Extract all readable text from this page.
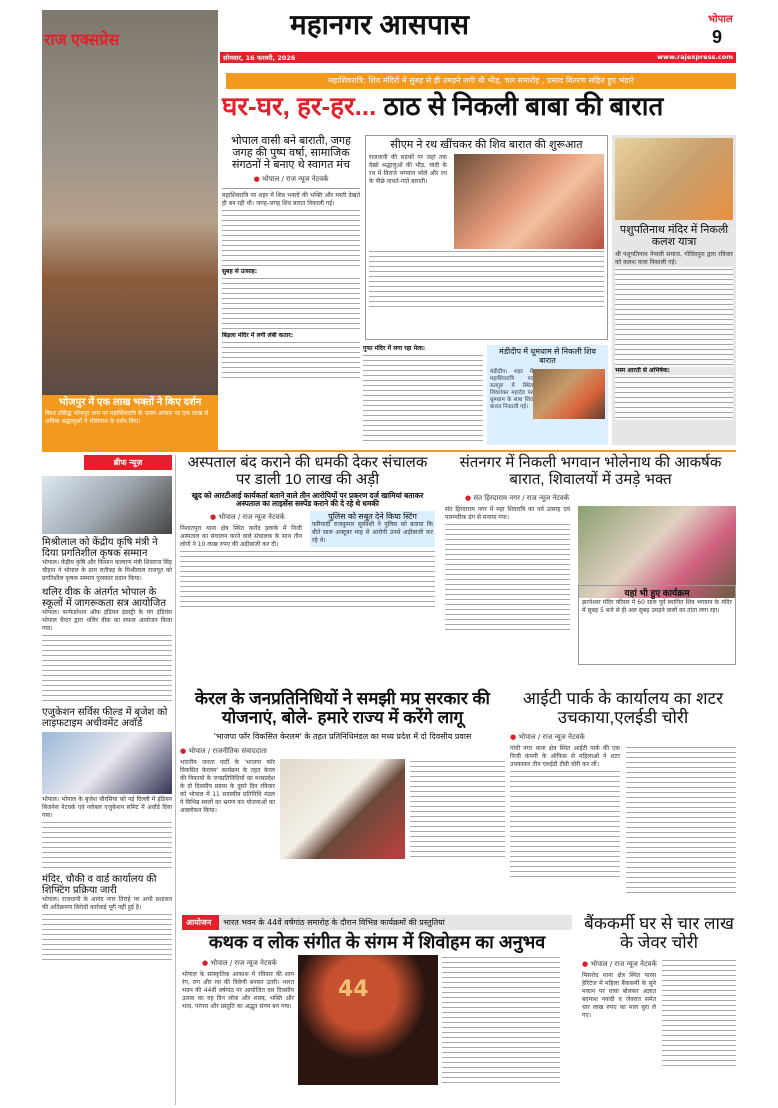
राज एक्सप्रेस
भोजपुर में एक लाख भक्तों ने किए दर्शन
विश्व प्रसिद्ध भोजपुर धाम पर महाशिवरात्रि के पावन अवसर पर एक लाख से अधिक श्रद्धालुओं ने भोलेनाथ के दर्शन किए।
महानगर आसपास	भोपाल
9
सोमवार, 16 फरवरी, 2026	www.rajexpress.com
महाशिवरात्रि: शिव मंदिरों में सुबह से ही उमड़ने लगी थी भीड़, चल समारोह , प्रसाद वितरण सहित हुए भंडारे
घर-घर, हर-हर... ठाठ से निकली बाबा की बारात
भोपाल वासी बने बाराती, जगह जगह की पुष्प वर्षा, सामाजिक संगठनों ने बनाए थे स्वागत मंच
● भोपाल / राज न्यूज नेटवर्क
महाशिवरात्रि पर शहर में शिव भक्तों की भक्ति और मस्ती देखते ही बन रही थी। जगह-जगह शिव बारात निकाली गई।
सुबह से उत्साह:
बिड़ला मंदिर में लगी लंबी कतार:
सीएम ने रथ खींचकर की शिव बारात की शुरूआत
राजधानी की सड़कों पर जहां तक देखो श्रद्धालुओं की भीड़, चांदी के रथ में विराजे भगवान भोले और रथ के पीछे नाचते-गाते बाराती।
गुफा मंदिर में लगा रहा मेला:	मंडीदीप में धूमधाम से निकली शिव बारात
मंडीदीप। शहर में महाशिवरात्रि पर सतगुरु में स्थित शिवशंकर महादेव पर धूमधाम के साथ शिव बारात निकाली गई।
पशुपतिनाथ मंदिर में निकली कलश यात्रा
श्री पशुपतिनाथ नेपाली समाज, गोविंदपुरा द्वारा रविवार को कलश यात्रा निकाली गई।
भस्म आरती से अभिषेक:
ब्रीफ न्यूज़
मिश्रीलाल को केंद्रीय कृषि मंत्री ने दिया प्रगतिशील कृषक सम्मान
भोपाल। केंद्रीय कृषि और किसान कल्याण मंत्री शिवराज सिंह चौहान ने भोपाल के ग्राम रातीबड़ के मिश्रीलाल राजपूत को प्रगतिशील कृषक सम्मान पुरस्कार प्रदान किया।
थलिर वीक के अंतर्गत भोपाल के स्कूलों में जागरूकता सत्र आयोजित
भोपाल। कन्फेडरेशन ऑफ इंडियन इंडस्ट्री के यंग इंडियंस भोपाल चैप्टर द्वारा थलिर वीक का सफल आयोजन किया गया।
एजुकेशन सर्विस फील्ड में बृजेश को लाइफटाइम अचीवमेंट अवॉर्ड
भोपाल। भोपाल के बृजेश चौरसिया को नई दिल्ली में इंडियन बिजनेस नेटवर्क एवं ग्लोबल एजुकेशन समिट में अवॉर्ड दिया गया।
मंदिर, चौकी व वार्ड कार्यालय की शिफ्टिंग प्रक्रिया जारी
भोपाल। राजधानी के आनंद नगर तिराहे पर अभी प्रशासन की अतिक्रमण विरोधी कार्रवाई पूरी नहीं हुई है।
अस्पताल बंद कराने की धमकी देकर संचालक पर डाली 10 लाख की अड़ी
खुद को आरटीआई कार्यकर्ता बताने वाले तीन आरोपियों पर प्रकरण दर्ज खामियां बताकर अस्पताल का लाइसेंस सस्पेंड कराने की दे रहे थे धमकी
● भोपाल / राज न्यूज नेटवर्क
निशातपुरा थाना क्षेत्र स्थित करोंद इलाके में निजी अस्पताल का संचालन करने वाले संचालक के साथ तीन लोगों ने 10 लाख रुपए की अड़ीबाजी कर दी।
पुलिस को सबूत देने किया स्टिंग
फरियादी राजकुमार सूर्यवंशी ने पुलिस को बताया कि बीते साल अक्टूबर माह से आरोपी उनसे अड़ीबाजी कर रहे थे।
संतनगर में निकली भगवान भोलेनाथ की आकर्षक बारात, शिवालयों में उमड़े भक्त
● संत हिरदाराम नगर / राज न्यूज नेटवर्क
संत हिरदाराम नगर में महा शिवरात्रि का पर्व उत्साह एवं पारम्परिक ढंग से मनाया गया।
यहां भी हुए कार्यक्रम
झरनेश्वर मंदिर परिसर में 60 साल पूर्व स्थापित शिव भगवान के मंदिर में सुबह 5 बजे से ही अल सुबह उमड़ने वालों का तांता लगा रहा।
केरल के जनप्रतिनिधियों ने समझी मप्र सरकार की योजनाएं, बोले- हमारे राज्य में करेंगे लागू
'भाजपा फॉर विकसित केरलम' के तहत प्रतिनिधिमंडल का मध्य प्रदेश में दो दिवसीय प्रवास
● भोपाल / राजनीतिक संवाददाता
भारतीय जनता पार्टी के 'भाजपा फॉर विकसित केरलम' कार्यक्रम के तहत केरल की निकायों के जनप्रतिनिधियों का मध्यप्रदेश के दो दिवसीय प्रवास के दूसरे दिन रविवार को भोपाल में 11 सदस्यीय प्रतिनिधि मंडल ने विभिन्न स्थलों का भ्रमण कर योजनाओं का अवलोकन किया।
आईटी पार्क के कार्यालय का शटर उचकाया,एलईडी चोरी
● भोपाल / राज न्यूज नेटवर्क
गांधी नगर थाना क्षेत्र स्थित आईटी पार्क की एक निजी कंपनी के ऑफिस से महिलाओं ने शटर उचकाकर तीन एलईडी टीवी चोरी कर लीं।
आयोजन	भारत भवन के 44वें वर्षगांठ समारोह के दौरान विभिन्न कार्यक्रमों की प्रस्तुतियां
कथक व लोक संगीत के संगम में शिवोहम का अनुभव
● भोपाल / राज न्यूज नेटवर्क
भोपाल के सांस्कृतिक आकाश में रविवार की शाम रंग, राग और रस की त्रिवेणी बनकर उतरी। भारत भवन की 44वीं वर्षगांठ पर आयोजित दस दिवसीय उत्सव का यह दिन लोक और शास्त्र, भक्ति और भाव, परंपरा और प्रस्तुति का अद्भुत संगम बन गया।
44
बैंककर्मी घर से चार लाख के जेवर चोरी
● भोपाल / राज न्यूज नेटवर्क
मिसरोद थाना क्षेत्र स्थित पारस हेरिटेज में महिला बैंककर्मी के सूने मकान पर धावा बोलकर अज्ञात बदमाश नकदी व जेवरात समेत चार लाख रुपए का माल चुरा ले गए।
